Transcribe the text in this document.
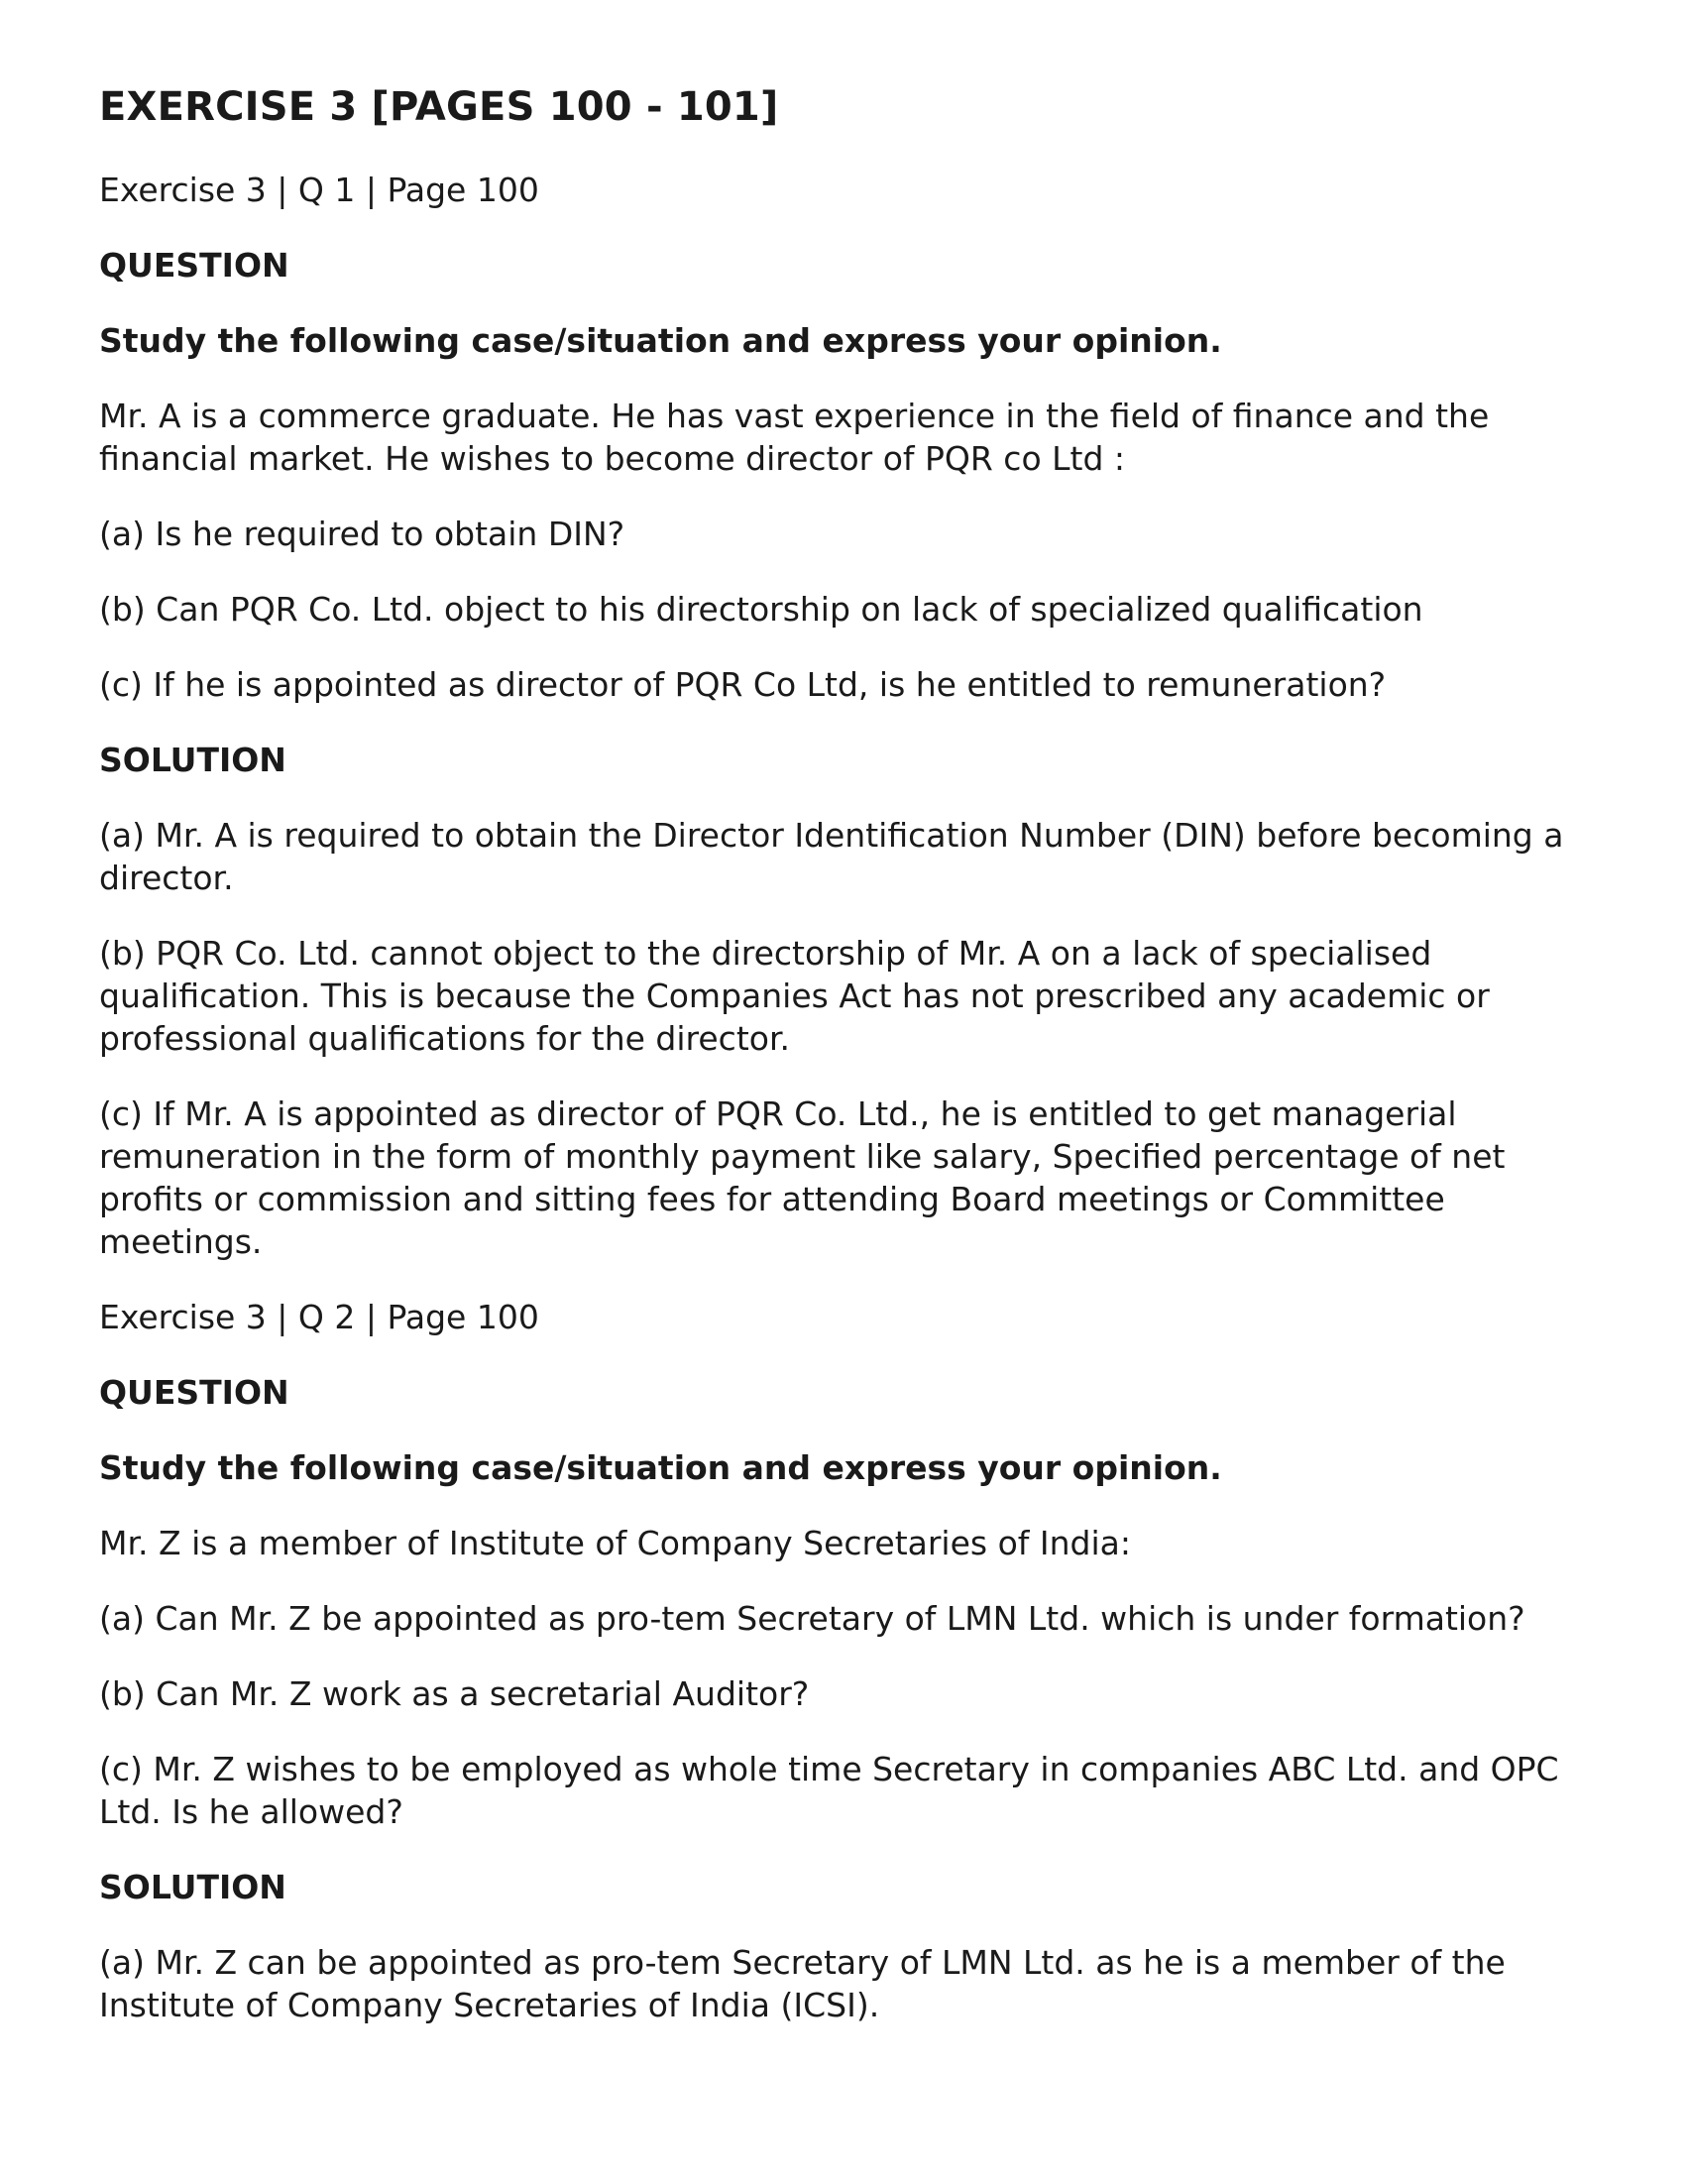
EXERCISE 3 [PAGES 100 - 101]

Exercise 3 | Q 1 | Page 100

QUESTION

Study the following case/situation and express your opinion.

Mr. A is a commerce graduate. He has vast experience in the field of finance and the financial market. He wishes to become director of PQR co Ltd :

(a) Is he required to obtain DIN?

(b) Can PQR Co. Ltd. object to his directorship on lack of specialized qualification

(c) If he is appointed as director of PQR Co Ltd, is he entitled to remuneration?

SOLUTION

(a) Mr. A is required to obtain the Director Identification Number (DIN) before becoming a director.

(b) PQR Co. Ltd. cannot object to the directorship of Mr. A on a lack of specialised qualification. This is because the Companies Act has not prescribed any academic or professional qualifications for the director.

(c) If Mr. A is appointed as director of PQR Co. Ltd., he is entitled to get managerial remuneration in the form of monthly payment like salary, Specified percentage of net profits or commission and sitting fees for attending Board meetings or Committee meetings.

Exercise 3 | Q 2 | Page 100

QUESTION

Study the following case/situation and express your opinion.

Mr. Z is a member of Institute of Company Secretaries of India:

(a) Can Mr. Z be appointed as pro-tem Secretary of LMN Ltd. which is under formation?

(b) Can Mr. Z work as a secretarial Auditor?

(c) Mr. Z wishes to be employed as whole time Secretary in companies ABC Ltd. and OPC Ltd. Is he allowed?

SOLUTION

(a) Mr. Z can be appointed as pro-tem Secretary of LMN Ltd. as he is a member of the Institute of Company Secretaries of India (ICSI).
